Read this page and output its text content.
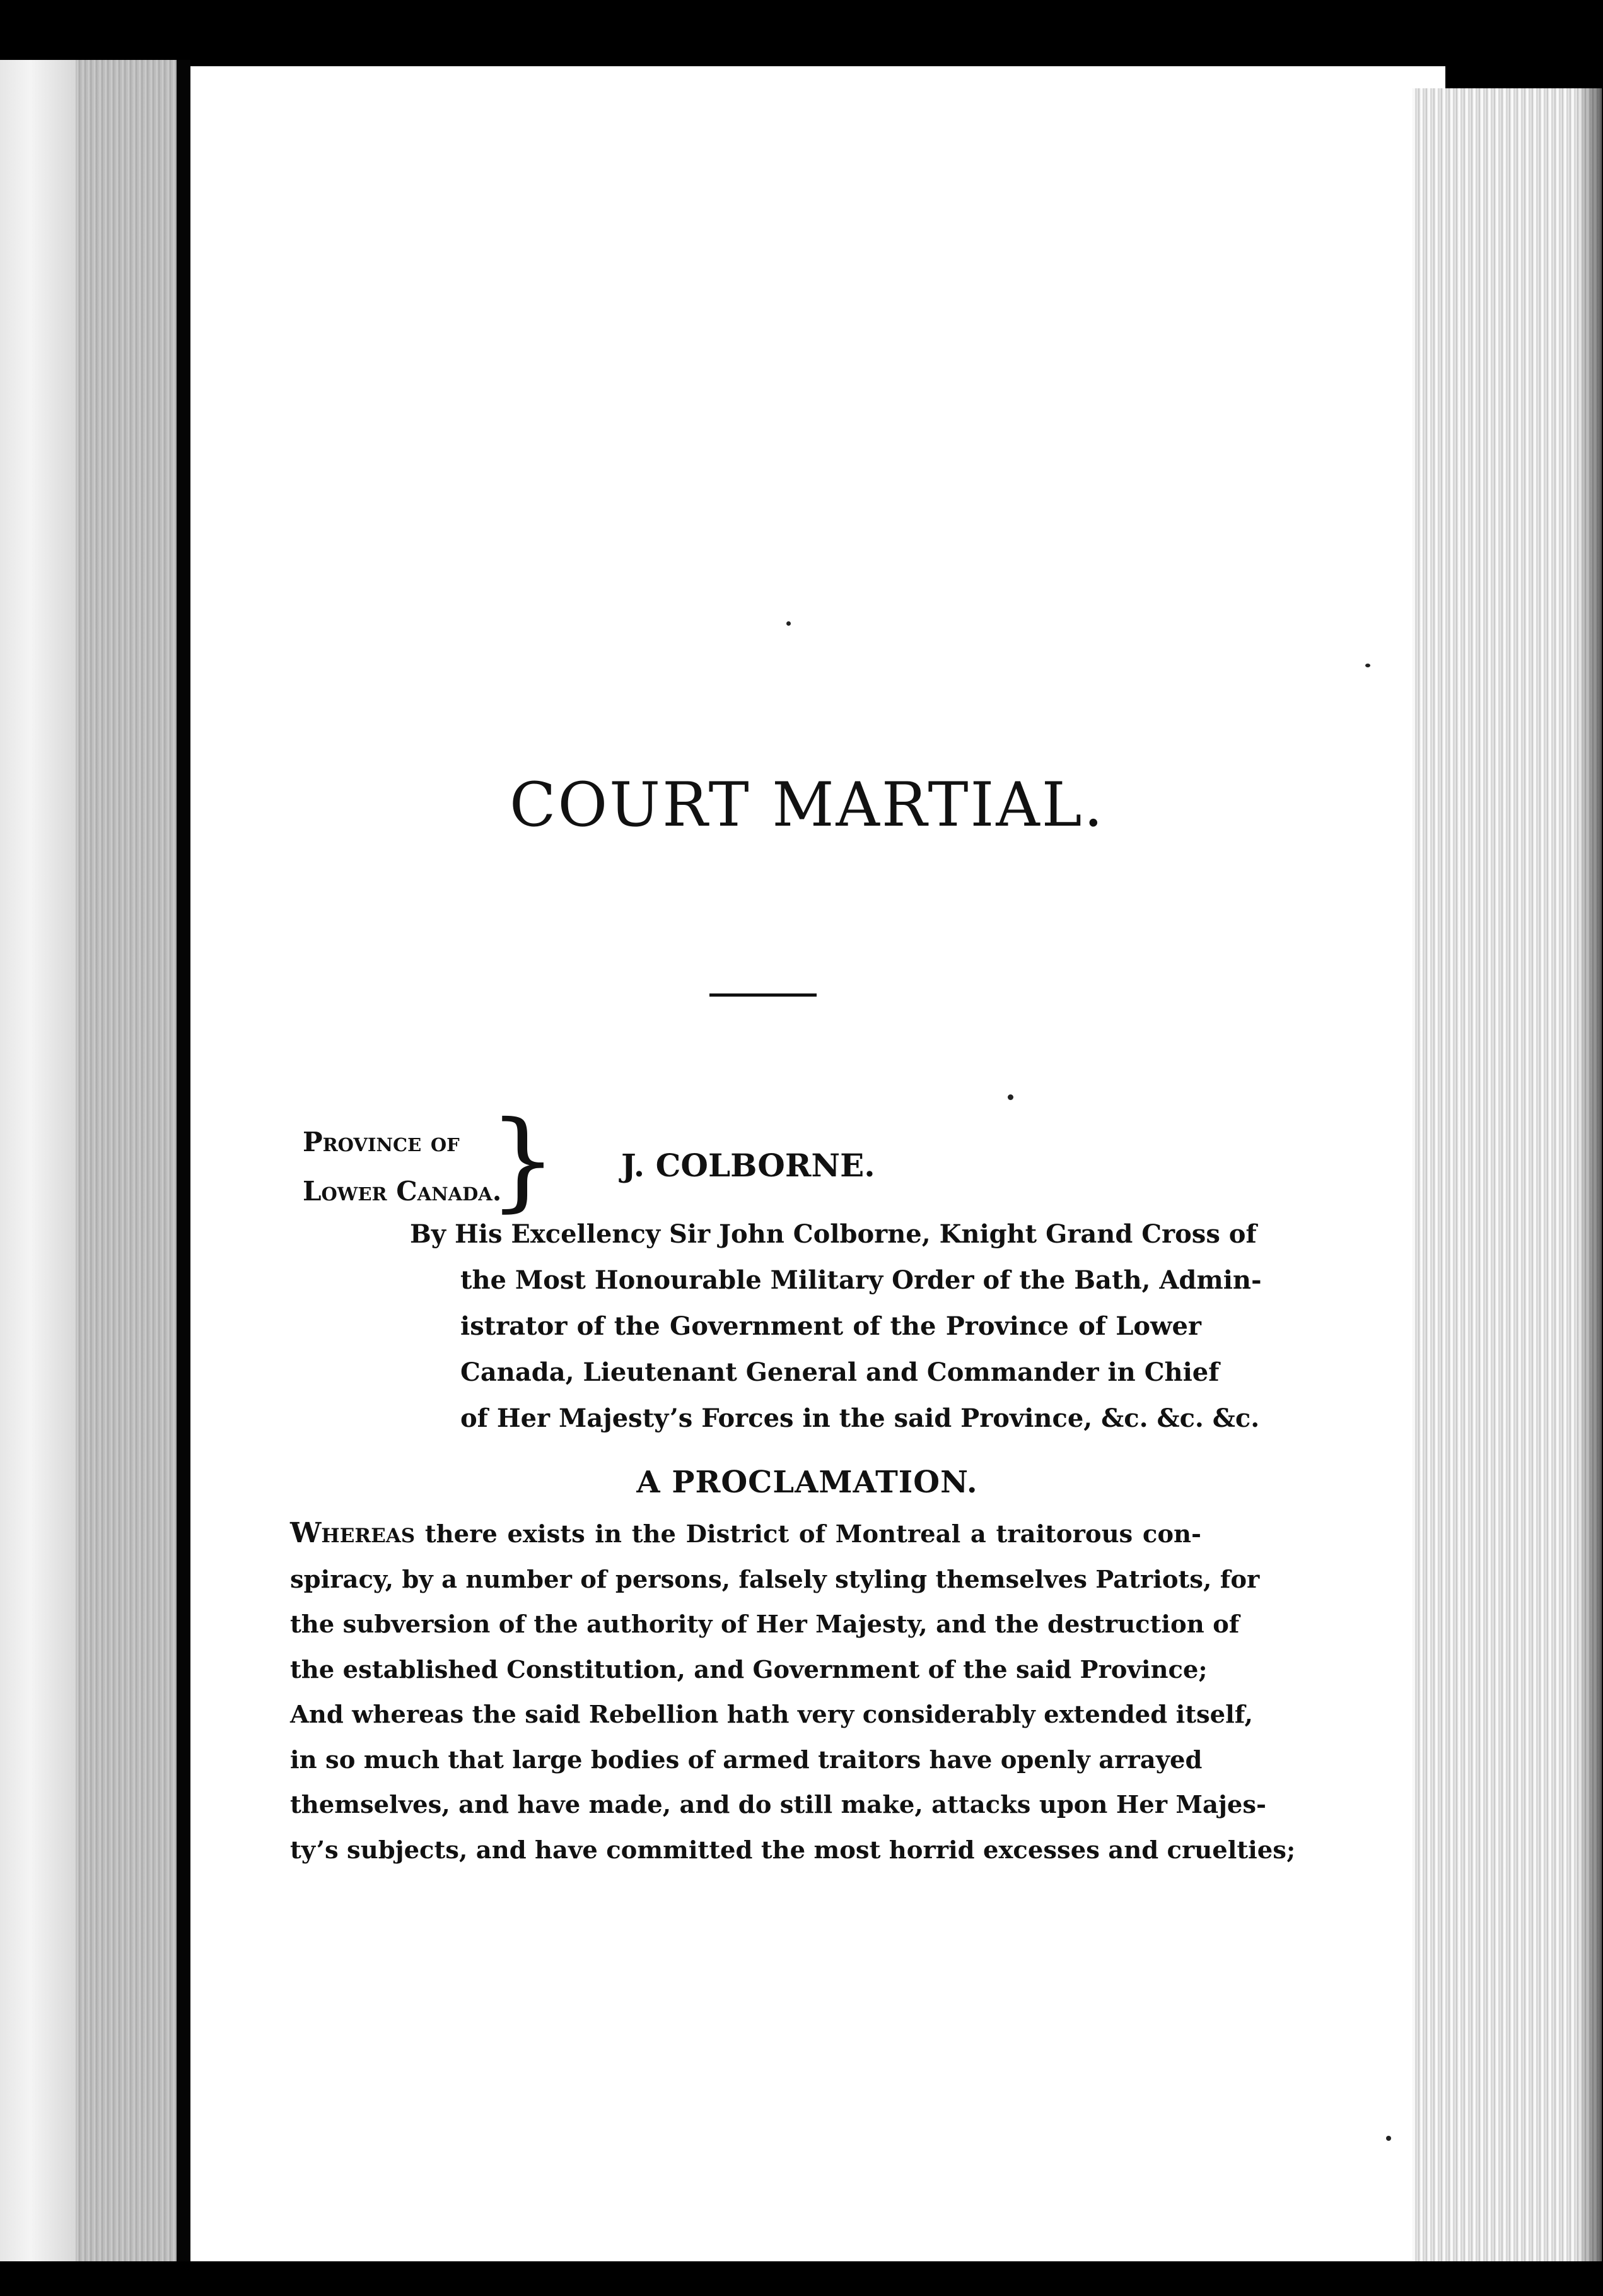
COURT MARTIAL.
Province of
Lower Canada.
} J. COLBORNE.
By His Excellency Sir John Colborne, Knight Grand Cross of
the Most Honourable Military Order of the Bath, Admin-
istrator of the Government of the Province of Lower
Canada, Lieutenant General and Commander in Chief
of Her Majesty’s Forces in the said Province, &c. &c. &c.
A PROCLAMATION.
Whereas there exists in the District of Montreal a traitorous con-
spiracy, by a number of persons, falsely styling themselves Patriots, for
the subversion of the authority of Her Majesty, and the destruction of
the established Constitution, and Government of the said Province;
And whereas the said Rebellion hath very considerably extended itself,
in so much that large bodies of armed traitors have openly arrayed
themselves, and have made, and do still make, attacks upon Her Majes-
ty’s subjects, and have committed the most horrid excesses and cruelties;
